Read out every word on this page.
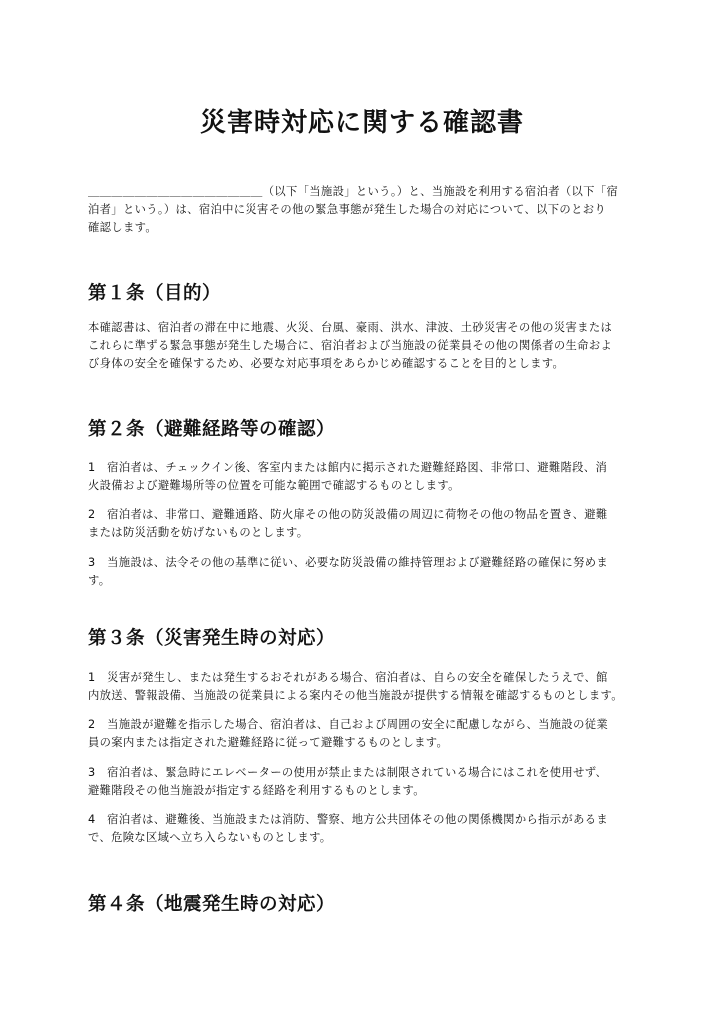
災害時対応に関する確認書
＿＿＿＿＿＿＿＿＿＿＿＿＿＿＿（以下「当施設」という。）と、当施設を利用する宿泊者（以下「宿
泊者」という。）は、宿泊中に災害その他の緊急事態が発生した場合の対応について、以下のとおり
確認します。
第１条（目的）
本確認書は、宿泊者の滞在中に地震、火災、台風、豪雨、洪水、津波、土砂災害その他の災害または
これらに準ずる緊急事態が発生した場合に、宿泊者および当施設の従業員その他の関係者の生命およ
び身体の安全を確保するため、必要な対応事項をあらかじめ確認することを目的とします。
第２条（避難経路等の確認）
1　宿泊者は、チェックイン後、客室内または館内に掲示された避難経路図、非常口、避難階段、消
火設備および避難場所等の位置を可能な範囲で確認するものとします。
2　宿泊者は、非常口、避難通路、防火扉その他の防災設備の周辺に荷物その他の物品を置き、避難
または防災活動を妨げないものとします。
3　当施設は、法令その他の基準に従い、必要な防災設備の維持管理および避難経路の確保に努めま
す。
第３条（災害発生時の対応）
1　災害が発生し、または発生するおそれがある場合、宿泊者は、自らの安全を確保したうえで、館
内放送、警報設備、当施設の従業員による案内その他当施設が提供する情報を確認するものとします。
2　当施設が避難を指示した場合、宿泊者は、自己および周囲の安全に配慮しながら、当施設の従業
員の案内または指定された避難経路に従って避難するものとします。
3　宿泊者は、緊急時にエレベーターの使用が禁止または制限されている場合にはこれを使用せず、
避難階段その他当施設が指定する経路を利用するものとします。
4　宿泊者は、避難後、当施設または消防、警察、地方公共団体その他の関係機関から指示があるま
で、危険な区域へ立ち入らないものとします。
第４条（地震発生時の対応）
